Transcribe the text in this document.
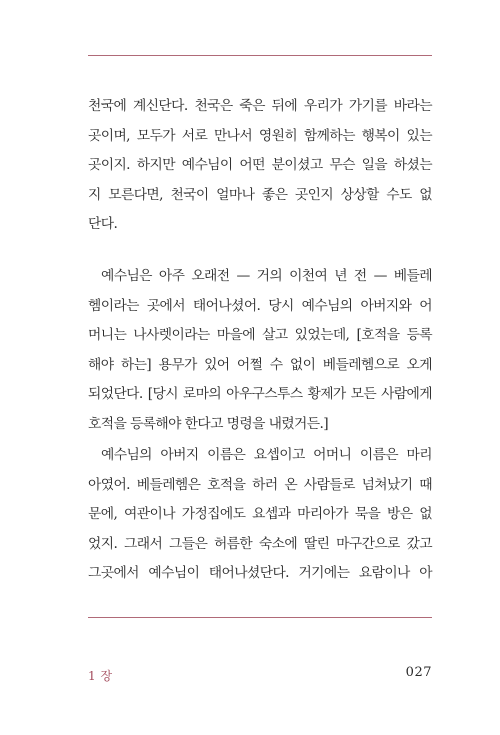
천국에 계신단다. 천국은 죽은 뒤에 우리가 가기를 바라는
곳이며, 모두가 서로 만나서 영원히 함께하는 행복이 있는
곳이지. 하지만 예수님이 어떤 분이셨고 무슨 일을 하셨는
지 모른다면, 천국이 얼마나 좋은 곳인지 상상할 수도 없
단다.
예수님은 아주 오래전 — 거의 이천여 년 전 — 베들레
헴이라는 곳에서 태어나셨어. 당시 예수님의 아버지와 어
머니는 나사렛이라는 마을에 살고 있었는데, [호적을 등록
해야 하는] 용무가 있어 어쩔 수 없이 베들레헴으로 오게
되었단다. [당시 로마의 아우구스투스 황제가 모든 사람에게
호적을 등록해야 한다고 명령을 내렸거든.]
예수님의 아버지 이름은 요셉이고 어머니 이름은 마리
아였어. 베들레헴은 호적을 하러 온 사람들로 넘쳐났기 때
문에, 여관이나 가정집에도 요셉과 마리아가 묵을 방은 없
었지. 그래서 그들은 허름한 숙소에 딸린 마구간으로 갔고
그곳에서 예수님이 태어나셨단다. 거기에는 요람이나 아
1 장	027
